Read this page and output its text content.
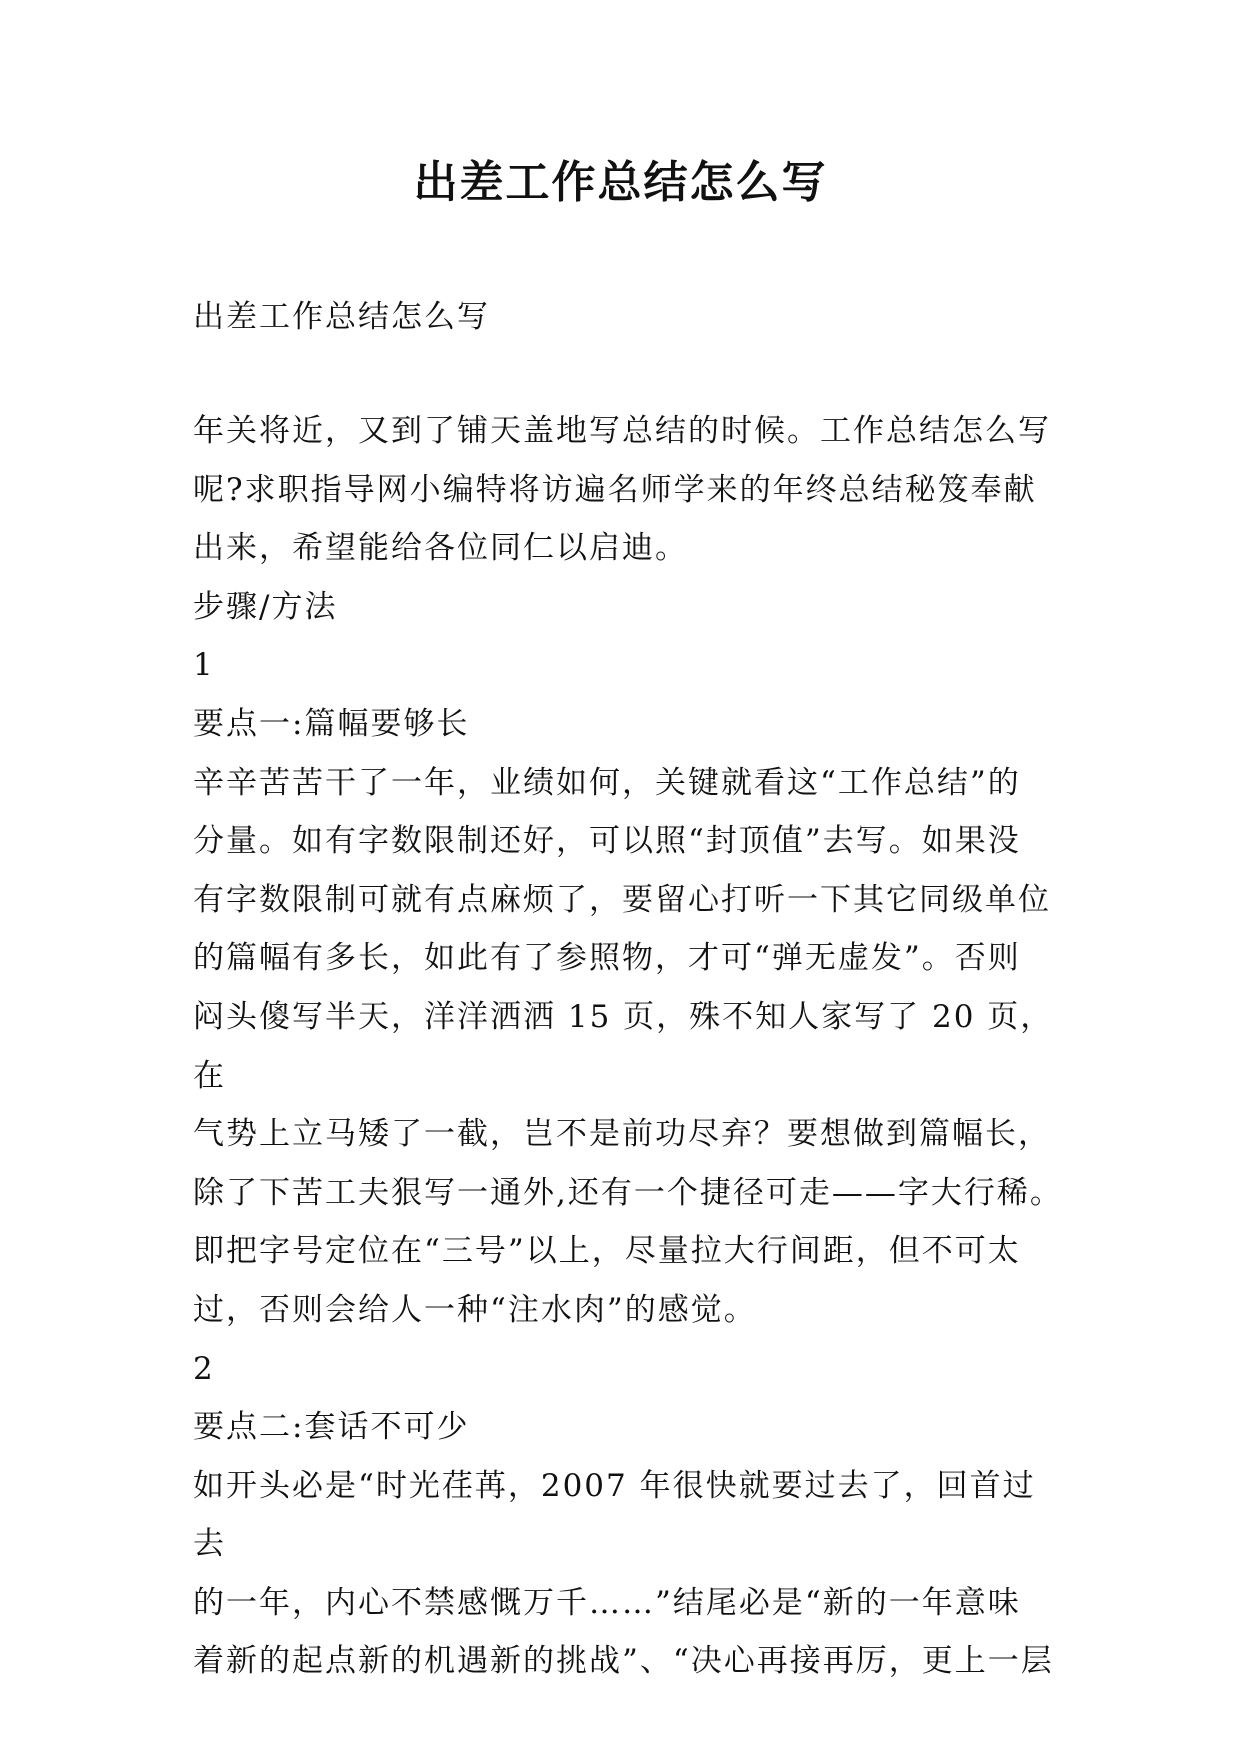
出差工作总结怎么写
出差工作总结怎么写

年关将近，又到了铺天盖地写总结的时候。工作总结怎么写

呢?求职指导网小编特将访遍名师学来的年终总结秘笈奉献

出来，希望能给各位同仁以启迪。

步骤/方法

1

要点一:篇幅要够长

辛辛苦苦干了一年，业绩如何，关键就看这“工作总结”的

分量。如有字数限制还好，可以照“封顶值”去写。如果没

有字数限制可就有点麻烦了，要留心打听一下其它同级单位

的篇幅有多长，如此有了参照物，才可“弹无虚发”。否则

闷头傻写半天，洋洋洒洒 15 页，殊不知人家写了 20 页，在

气势上立马矮了一截，岂不是前功尽弃？要想做到篇幅长，

除了下苦工夫狠写一通外,还有一个捷径可走——字大行稀。

即把字号定位在“三号”以上，尽量拉大行间距，但不可太

过，否则会给人一种“注水肉”的感觉。

2

要点二:套话不可少

如开头必是“时光荏苒，2007 年很快就要过去了，回首过去

的一年，内心不禁感慨万千……”结尾必是“新的一年意味

着新的起点新的机遇新的挑战”、“决心再接再厉，更上一层
